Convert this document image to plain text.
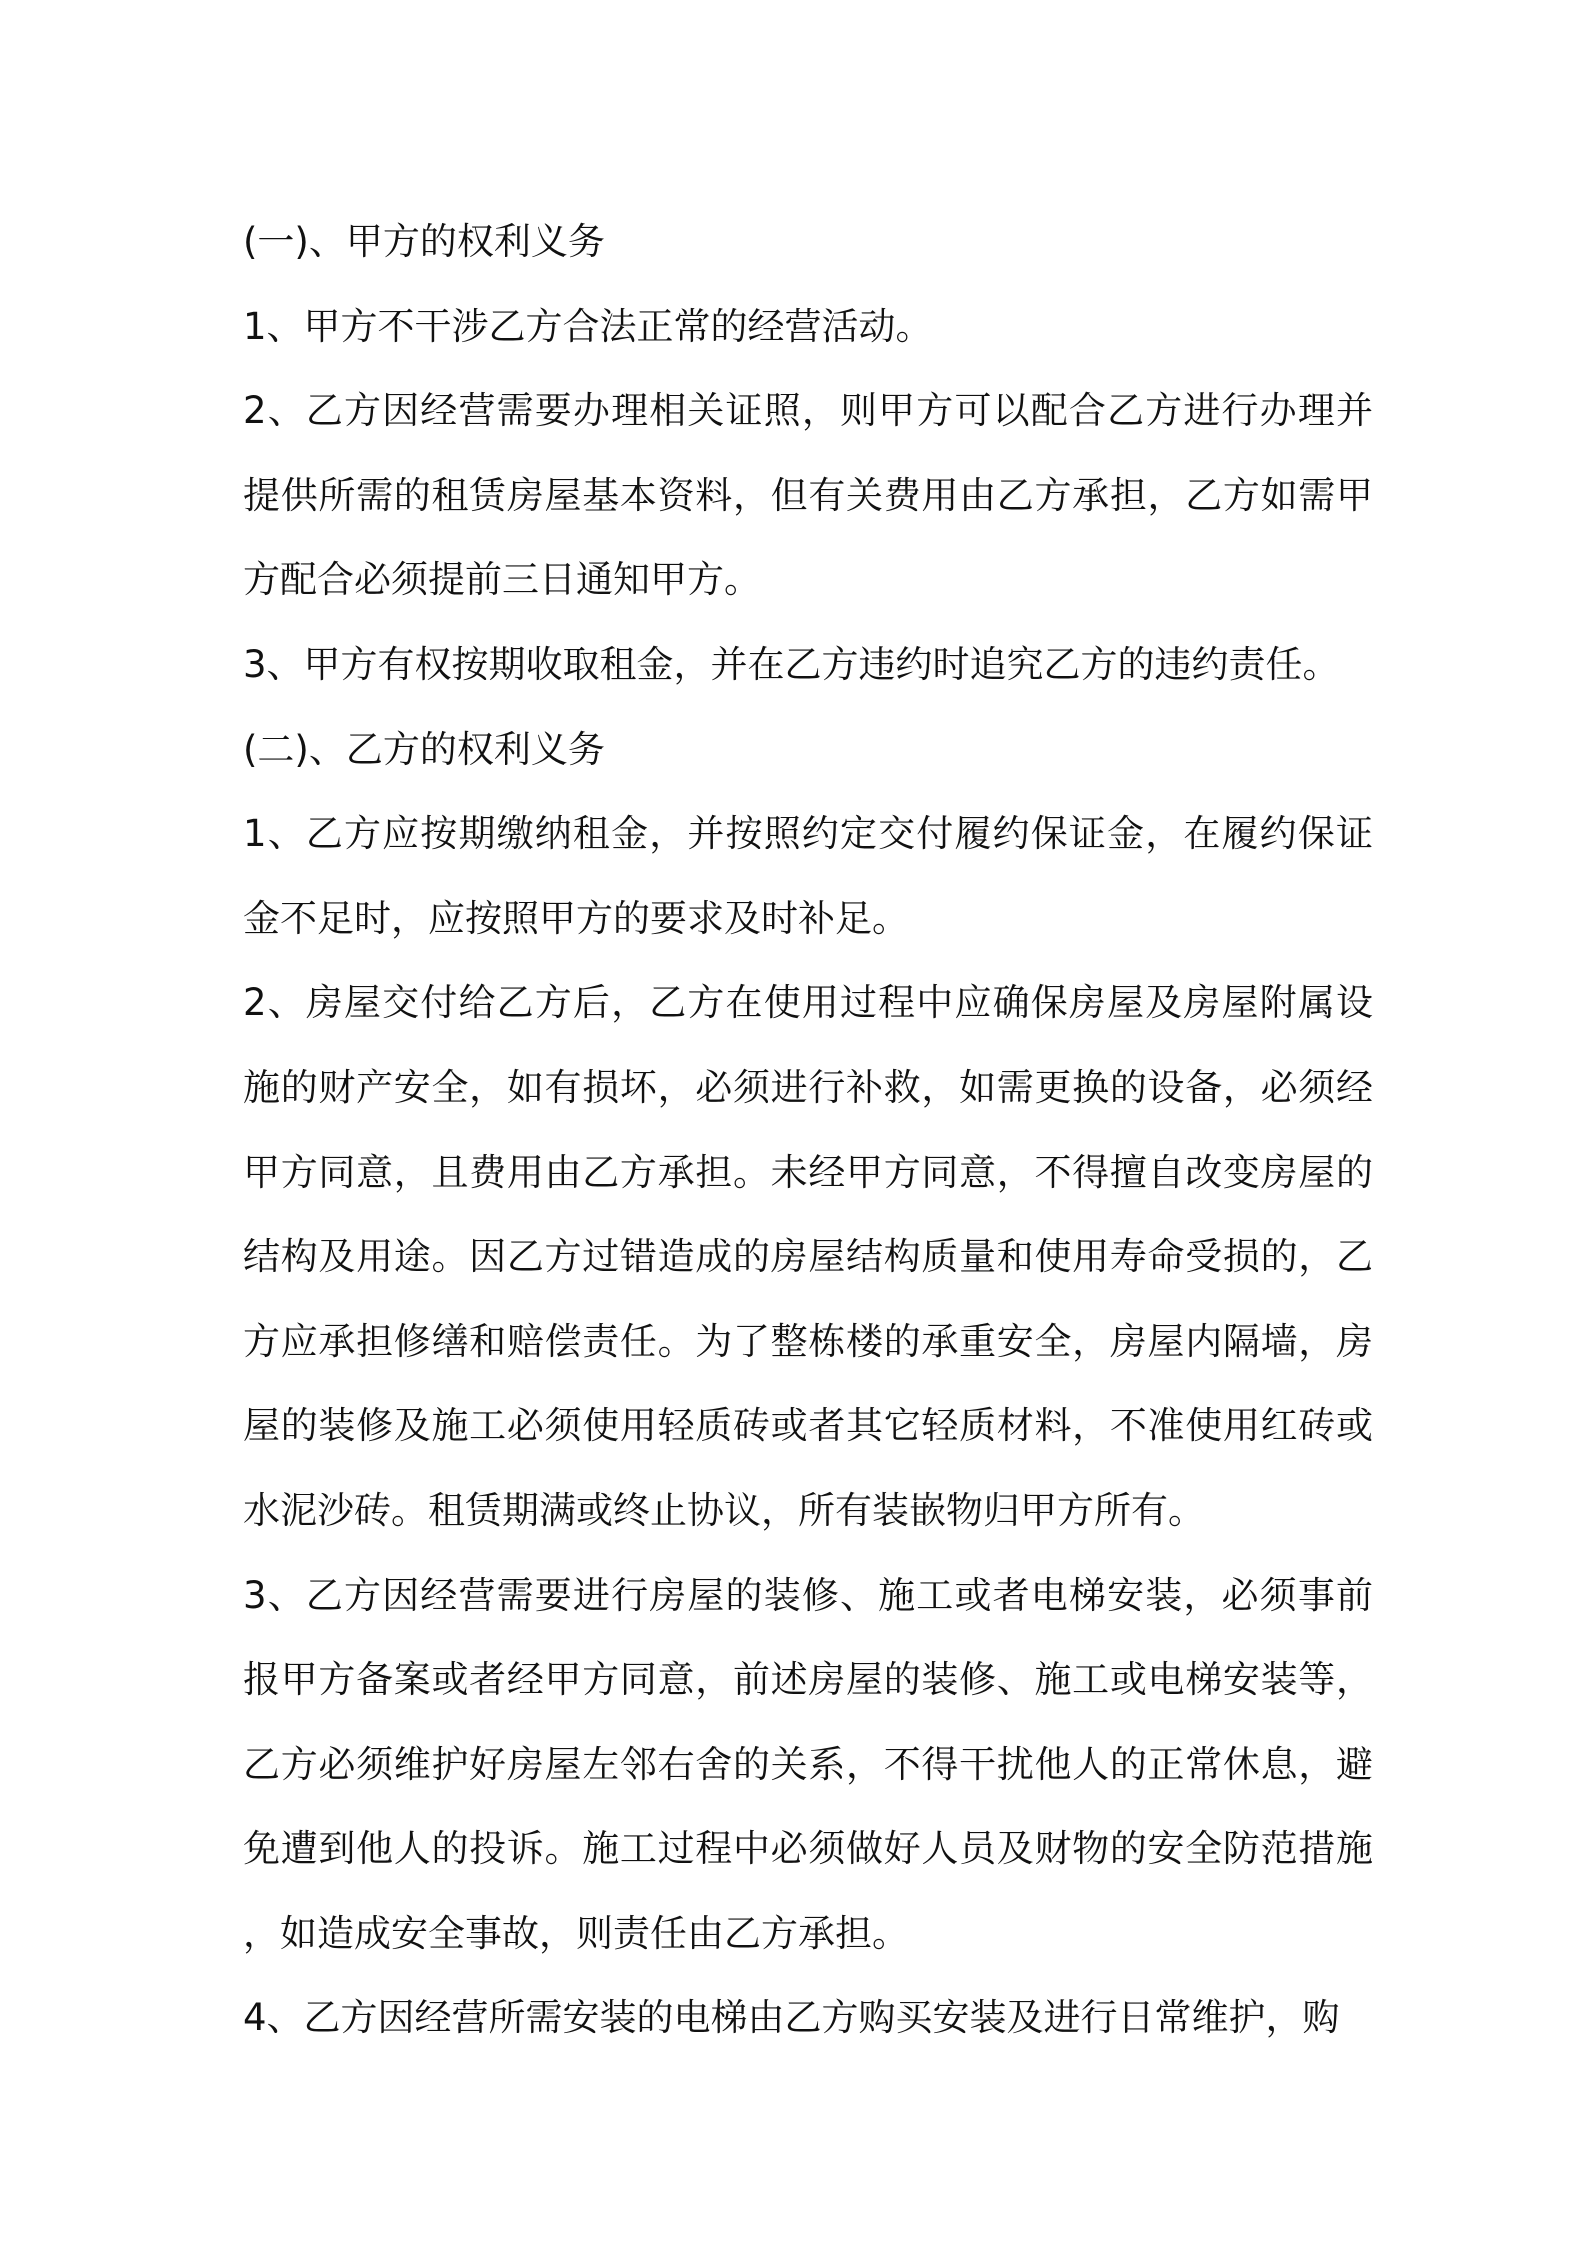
(一)、甲方的权利义务

1、甲方不干涉乙方合法正常的经营活动。

2、乙方因经营需要办理相关证照，则甲方可以配合乙方进行办理并提供所需的租赁房屋基本资料，但有关费用由乙方承担，乙方如需甲方配合必须提前三日通知甲方。

3、甲方有权按期收取租金，并在乙方违约时追究乙方的违约责任。

(二)、乙方的权利义务

1、乙方应按期缴纳租金，并按照约定交付履约保证金，在履约保证金不足时，应按照甲方的要求及时补足。

2、房屋交付给乙方后，乙方在使用过程中应确保房屋及房屋附属设施的财产安全，如有损坏，必须进行补救，如需更换的设备，必须经甲方同意，且费用由乙方承担。未经甲方同意，不得擅自改变房屋的结构及用途。因乙方过错造成的房屋结构质量和使用寿命受损的，乙方应承担修缮和赔偿责任。为了整栋楼的承重安全，房屋内隔墙，房屋的装修及施工必须使用轻质砖或者其它轻质材料，不准使用红砖或水泥沙砖。租赁期满或终止协议，所有装嵌物归甲方所有。

3、乙方因经营需要进行房屋的装修、施工或者电梯安装，必须事前报甲方备案或者经甲方同意，前述房屋的装修、施工或电梯安装等，乙方必须维护好房屋左邻右舍的关系，不得干扰他人的正常休息，避免遭到他人的投诉。施工过程中必须做好人员及财物的安全防范措施，如造成安全事故，则责任由乙方承担。

4、乙方因经营所需安装的电梯由乙方购买安装及进行日常维护，购
